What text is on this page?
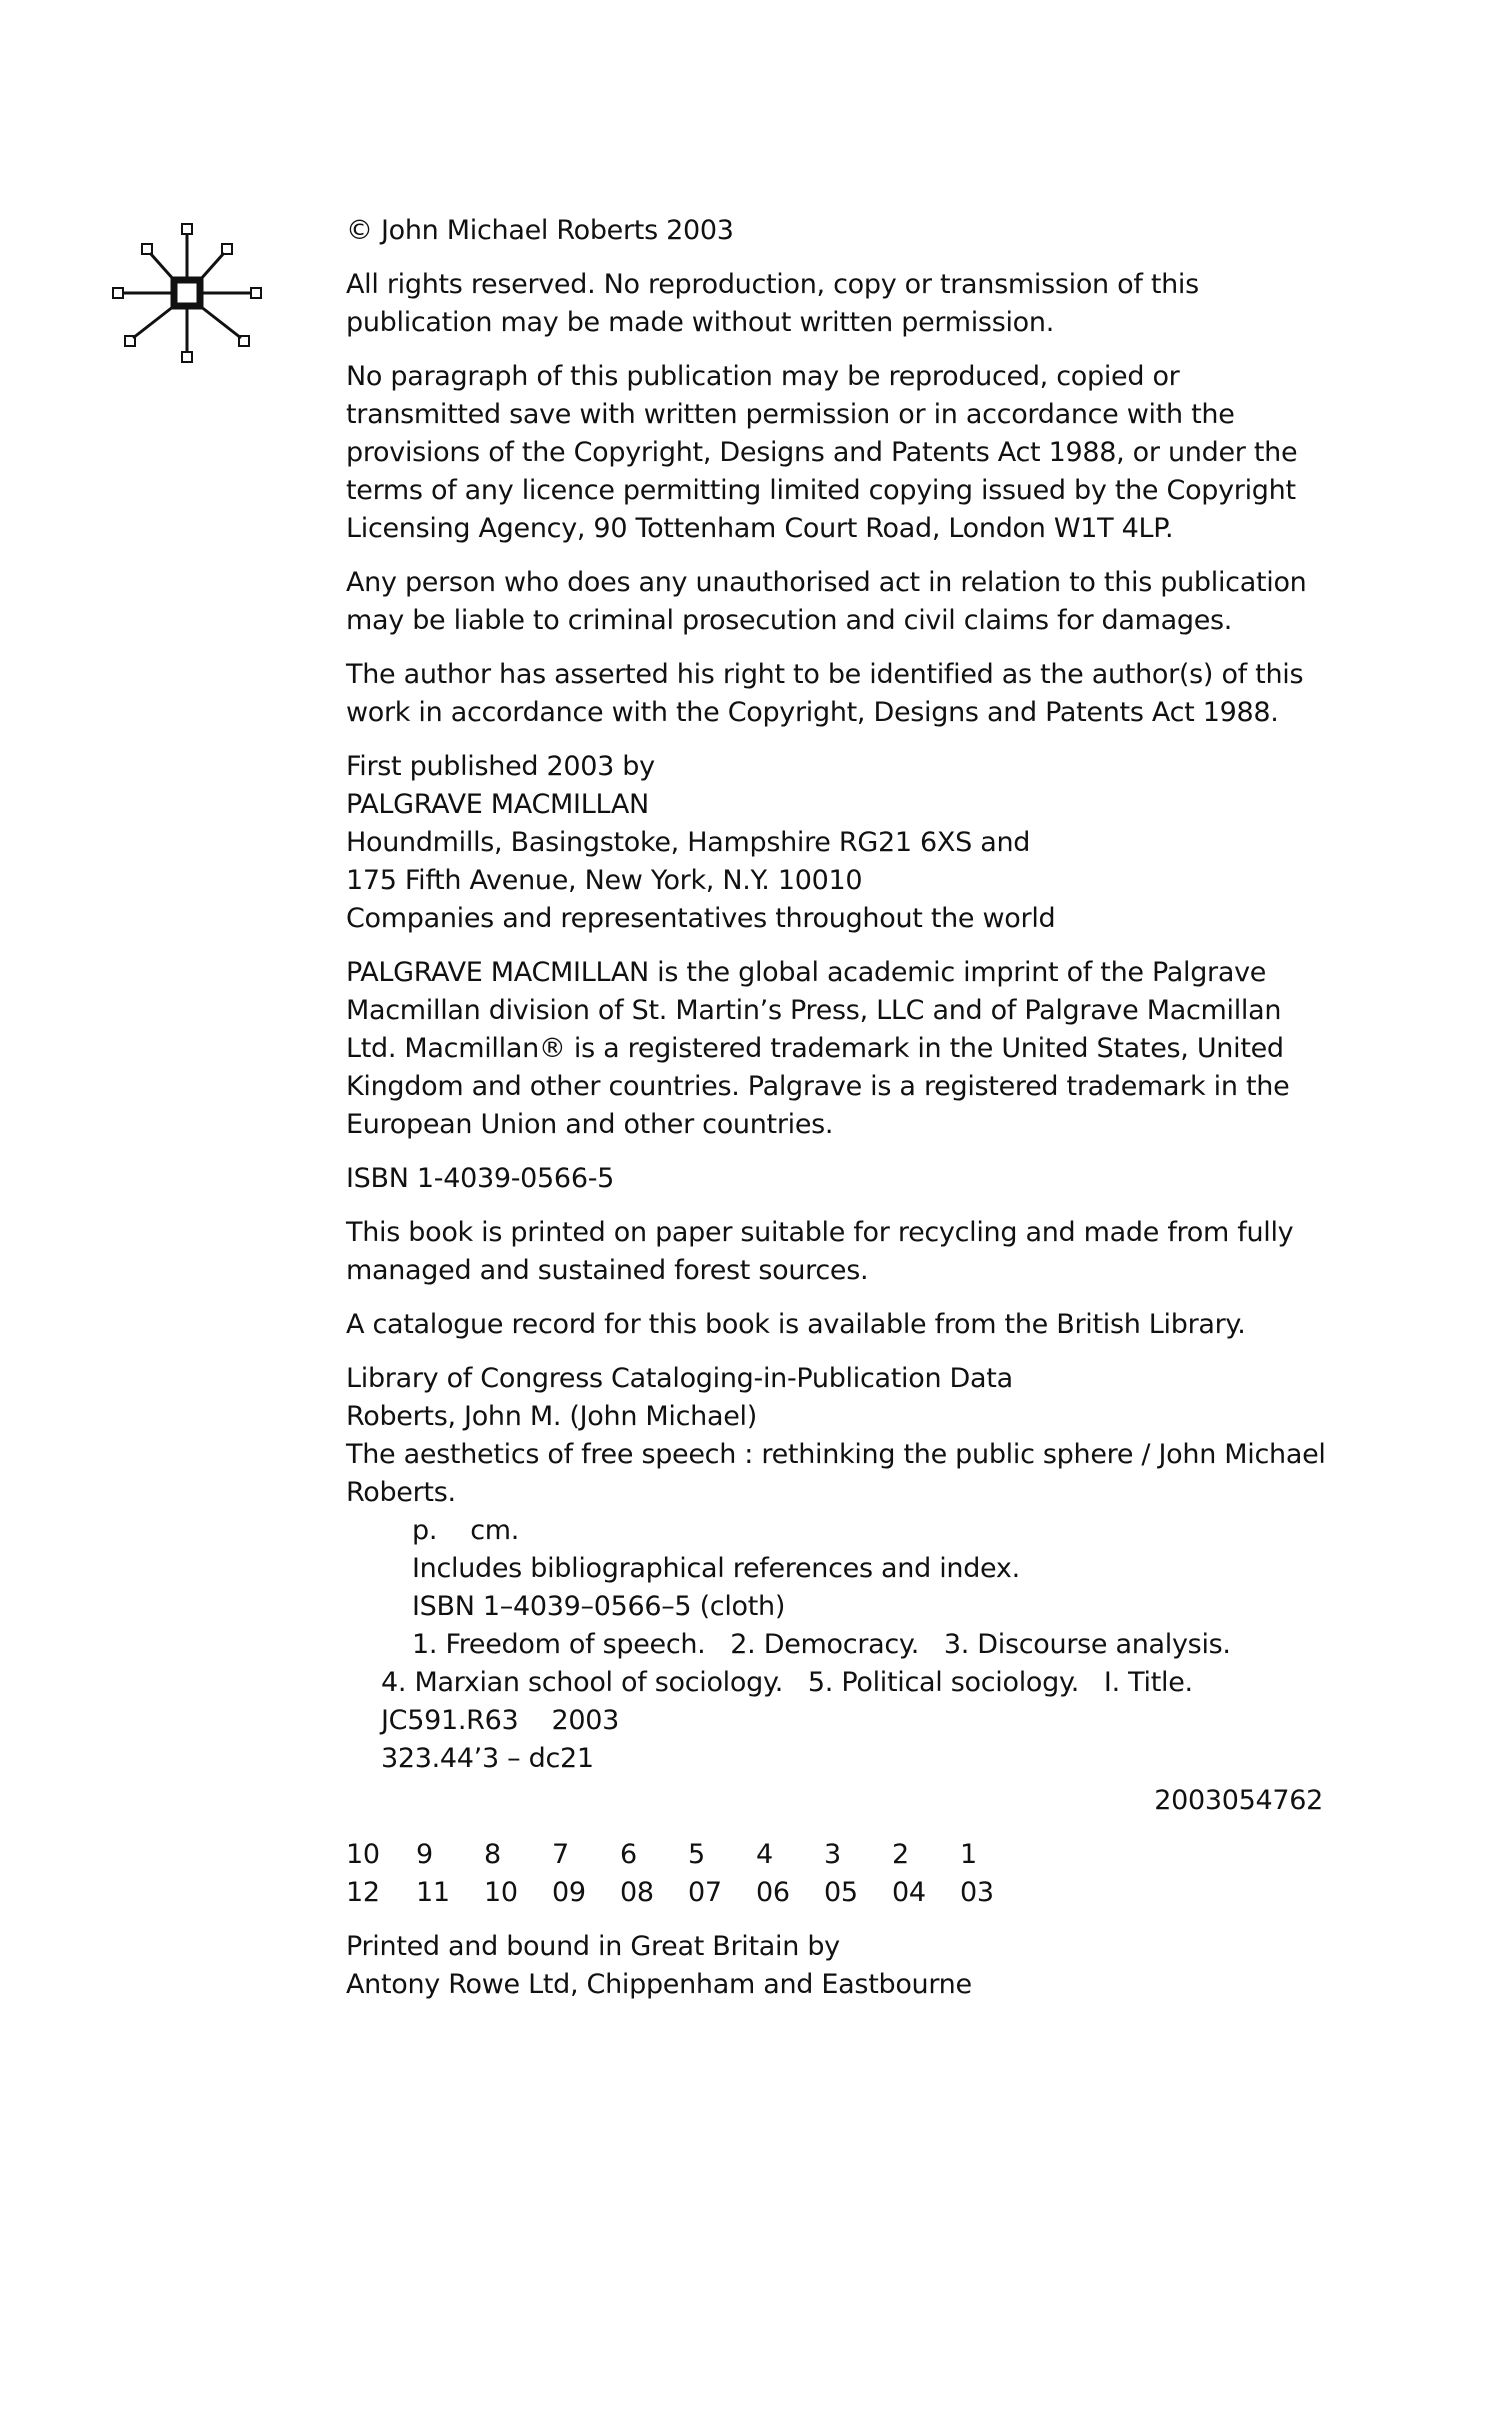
© John Michael Roberts 2003
All rights reserved. No reproduction, copy or transmission of this
publication may be made without written permission.
No paragraph of this publication may be reproduced, copied or
transmitted save with written permission or in accordance with the
provisions of the Copyright, Designs and Patents Act 1988, or under the
terms of any licence permitting limited copying issued by the Copyright
Licensing Agency, 90 Tottenham Court Road, London W1T 4LP.
Any person who does any unauthorised act in relation to this publication
may be liable to criminal prosecution and civil claims for damages.
The author has asserted his right to be identified as the author(s) of this
work in accordance with the Copyright, Designs and Patents Act 1988.
First published 2003 by
PALGRAVE MACMILLAN
Houndmills, Basingstoke, Hampshire RG21 6XS and
175 Fifth Avenue, New York, N.Y. 10010
Companies and representatives throughout the world
PALGRAVE MACMILLAN is the global academic imprint of the Palgrave
Macmillan division of St. Martin’s Press, LLC and of Palgrave Macmillan
Ltd. Macmillan® is a registered trademark in the United States, United
Kingdom and other countries. Palgrave is a registered trademark in the
European Union and other countries.
ISBN 1-4039-0566-5
This book is printed on paper suitable for recycling and made from fully
managed and sustained forest sources.
A catalogue record for this book is available from the British Library.
Library of Congress Cataloging-in-Publication Data
Roberts, John M. (John Michael)
The aesthetics of free speech : rethinking the public sphere / John Michael
Roberts.
p.    cm.
Includes bibliographical references and index.
ISBN 1–4039–0566–5 (cloth)
1. Freedom of speech.   2. Democracy.   3. Discourse analysis.
4. Marxian school of sociology.   5. Political sociology.   I. Title.
JC591.R63    2003
323.44’3 – dc21
2003054762
10	9	8	7	6	5	4	3	2	1
12	11	10	09	08	07	06	05	04	03
Printed and bound in Great Britain by
Antony Rowe Ltd, Chippenham and Eastbourne
